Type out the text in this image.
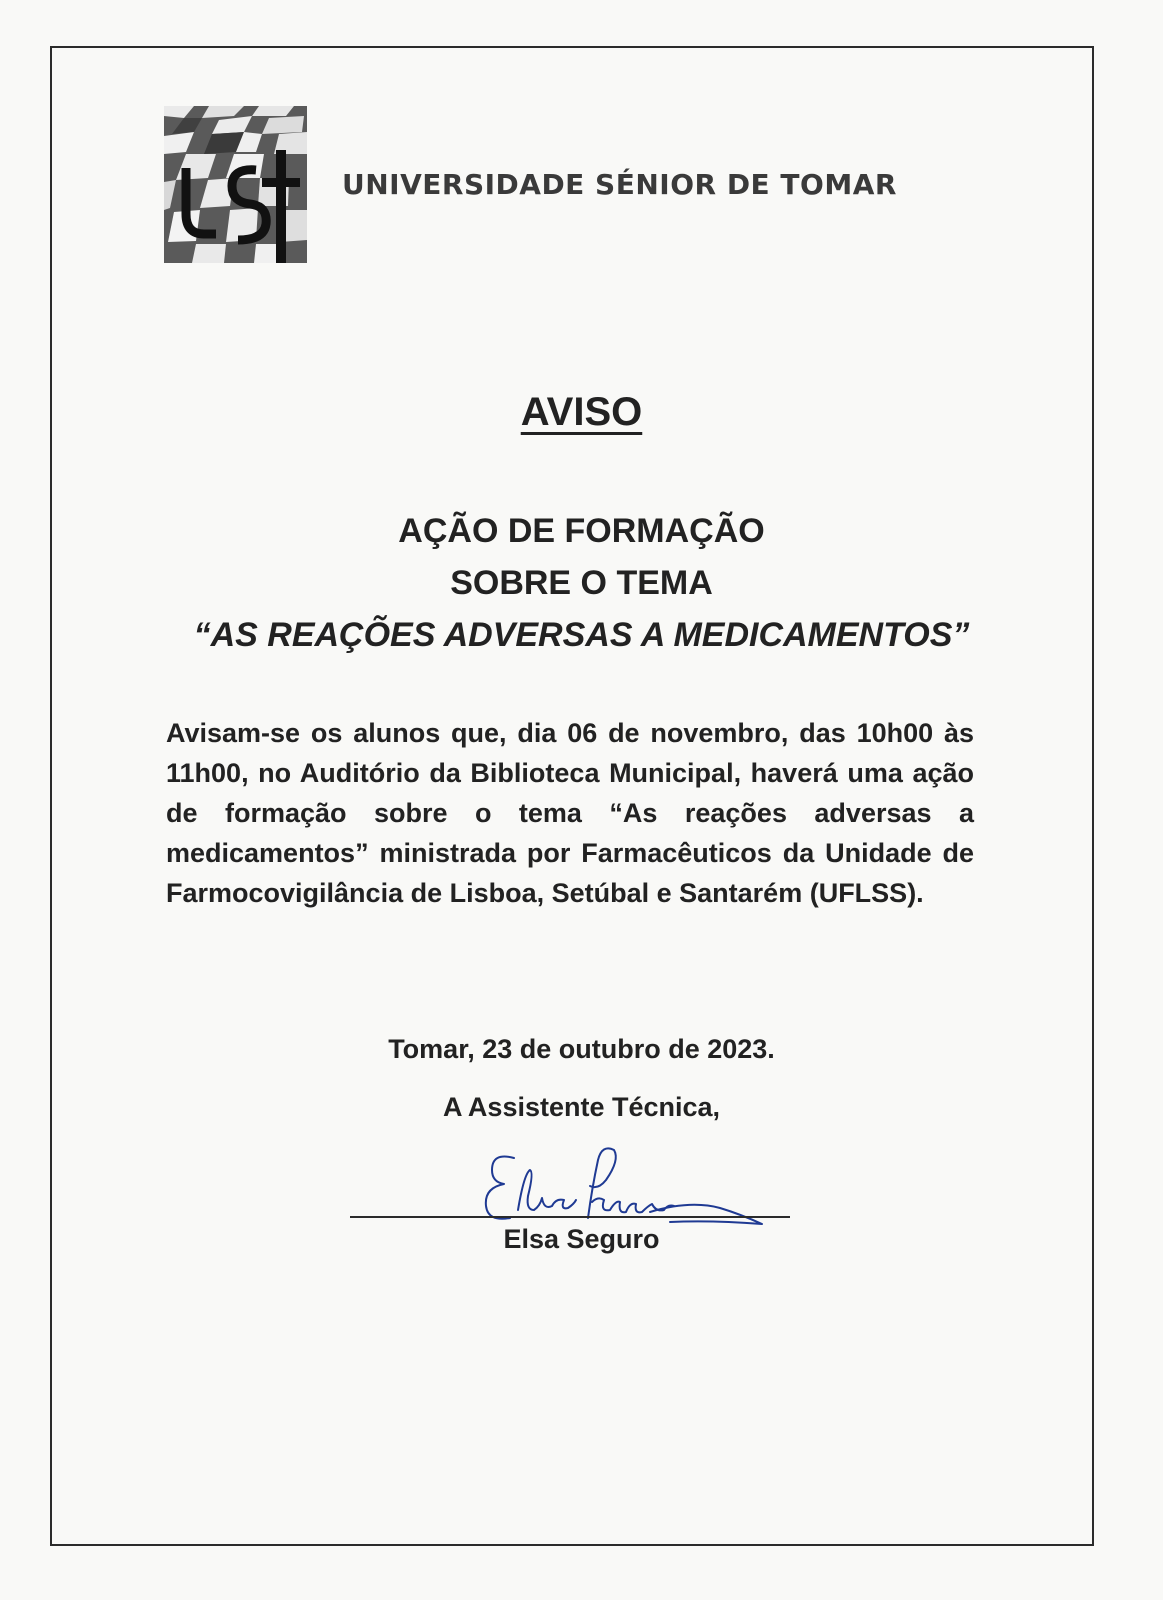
UNIVERSIDADE SÉNIOR DE TOMAR
AVISO
AÇÃO DE FORMAÇÃO
SOBRE O TEMA
“AS REAÇÕES ADVERSAS A MEDICAMENTOS”
Avisam-se os alunos que, dia 06 de novembro, das 10h00 às 11h00, no Auditório da Biblioteca Municipal, haverá uma ação de formação sobre o tema “As reações adversas a medicamentos” ministrada por Farmacêuticos da Unidade de Farmocovigilância de Lisboa, Setúbal e Santarém (UFLSS).
Tomar, 23 de outubro de 2023.
A Assistente Técnica,
Elsa Seguro
